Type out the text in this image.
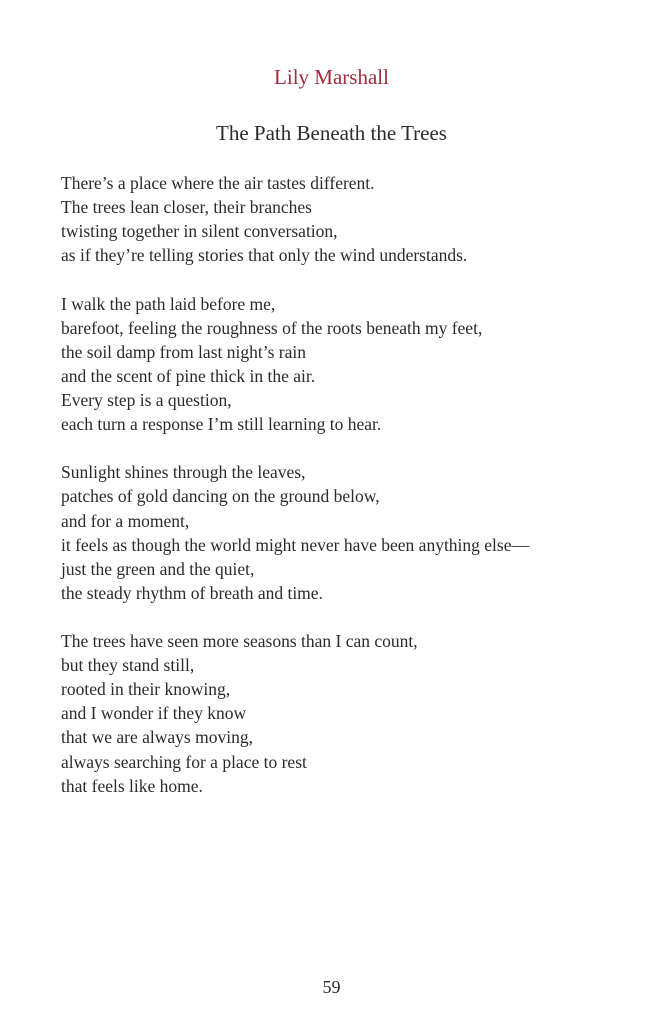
Lily Marshall
The Path Beneath the Trees
There’s a place where the air tastes different.
The trees lean closer, their branches
twisting together in silent conversation,
as if they’re telling stories that only the wind understands.
I walk the path laid before me,
barefoot, feeling the roughness of the roots beneath my feet,
the soil damp from last night’s rain
and the scent of pine thick in the air.
Every step is a question,
each turn a response I’m still learning to hear.
Sunlight shines through the leaves,
patches of gold dancing on the ground below,
and for a moment,
it feels as though the world might never have been anything else—
just the green and the quiet,
the steady rhythm of breath and time.
The trees have seen more seasons than I can count,
but they stand still,
rooted in their knowing,
and I wonder if they know
that we are always moving,
always searching for a place to rest
that feels like home.
59
